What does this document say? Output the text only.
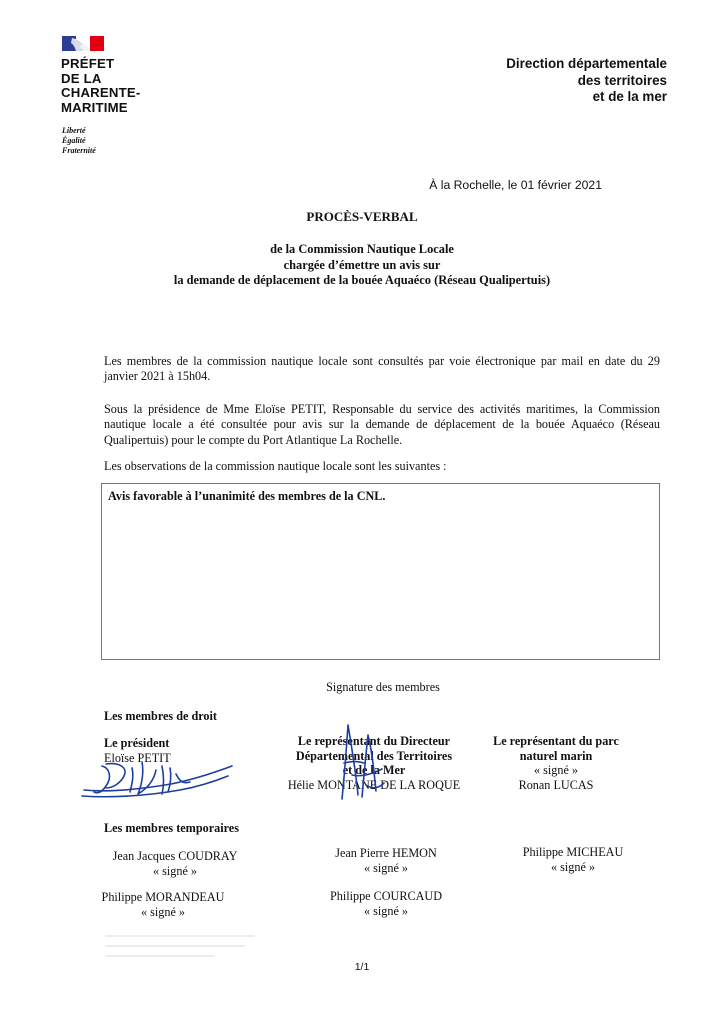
PRÉFET
DE LA
CHARENTE-
MARITIME
Liberté
Égalité
Fraternité
Direction départementale
des territoires
et de la mer
À la Rochelle, le 01 février 2021
PROCÈS-VERBAL
de la Commission Nautique Locale
chargée d’émettre un avis sur
la demande de déplacement de la bouée Aquaéco (Réseau Qualipertuis)
Les membres de la commission nautique locale sont consultés par voie électronique par mail en date du 29 janvier 2021 à 15h04.
Sous la présidence de Mme Eloïse PETIT, Responsable du service des activités maritimes, la Commission nautique locale a été consultée pour avis sur la demande de déplacement de la bouée Aquaéco (Réseau Qualipertuis) pour le compte du Port Atlantique La Rochelle.
Les observations de la commission nautique locale sont les suivantes :
Avis favorable à l’unanimité des membres de la CNL.
Signature des membres
Les membres de droit
Le président
Eloïse PETIT
Le représentant du Directeur
Départemental des Territoires
et de la Mer
Hélie MONTANE DE LA ROQUE
Le représentant du parc
naturel marin
« signé »
Ronan LUCAS
Les membres temporaires
Jean Jacques COUDRAY
« signé »
Jean Pierre HEMON
« signé »
Philippe MICHEAU
« signé »
Philippe MORANDEAU
« signé »
Philippe COURCAUD
« signé »
1/1
